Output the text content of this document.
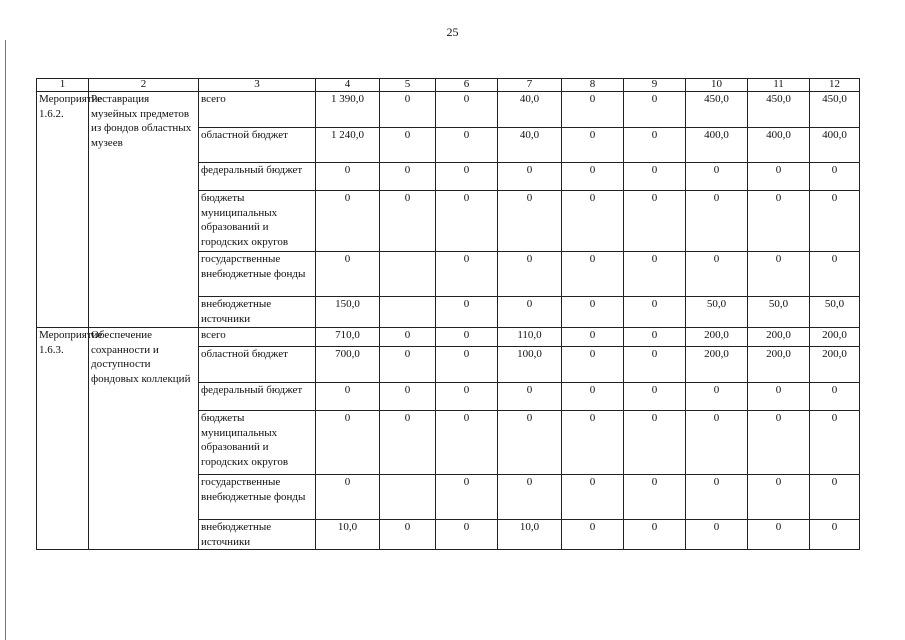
25
1	2	3	4	5	6	7	8	9	10	11	12
Мероприятие 1.6.2.	Реставрация музейных предметов из фондов областных музеев	всего	1 390,0	0	0	40,0	0	0	450,0	450,0	450,0
		областной бюджет	1 240,0	0	0	40,0	0	0	400,0	400,0	400,0
		федеральный бюджет	0	0	0	0	0	0	0	0	0
		бюджеты муниципальных образований и городских округов	0	0	0	0	0	0	0	0	0
		государственные внебюджетные фонды	0		0	0	0	0	0	0	0
		внебюджетные источники	150,0		0	0	0	0	50,0	50,0	50,0
Мероприятие 1.6.3.	Обеспечение сохранности и доступности фондовых коллекций	всего	710,0	0	0	110,0	0	0	200,0	200,0	200,0
		областной бюджет	700,0	0	0	100,0	0	0	200,0	200,0	200,0
		федеральный бюджет	0	0	0	0	0	0	0	0	0
		бюджеты муниципальных образований и городских округов	0	0	0	0	0	0	0	0	0
		государственные внебюджетные фонды	0		0	0	0	0	0	0	0
		внебюджетные источники	10,0	0	0	10,0	0	0	0	0	0
